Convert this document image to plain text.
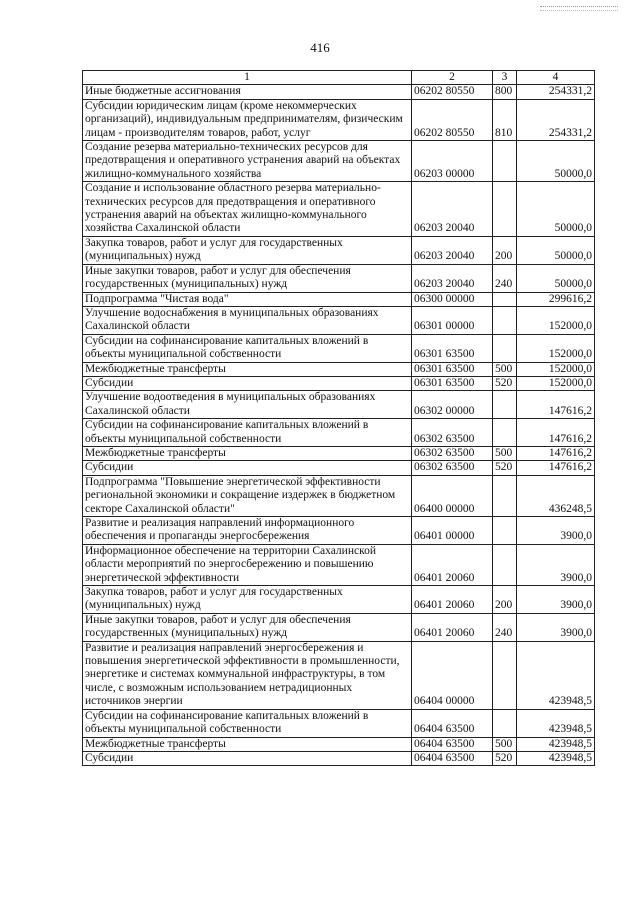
416
1	2	3	4
Иные бюджетные ассигнования	06202 80550	800	254331,2
Субсидии юридическим лицам (кроме некоммерческих организаций), индивидуальным предпринимателям, физическим лицам - производителям товаров, работ, услуг	06202 80550	810	254331,2
Создание резерва материально-технических ресурсов для предотвращения и оперативного устранения аварий на объектах жилищно-коммунального хозяйства	06203 00000		50000,0
Создание и использование областного резерва материально-технических ресурсов для предотвращения и оперативного устранения аварий на объектах жилищно-коммунального хозяйства Сахалинской области	06203 20040		50000,0
Закупка товаров, работ и услуг для государственных (муниципальных) нужд	06203 20040	200	50000,0
Иные закупки товаров, работ и услуг для обеспечения государственных (муниципальных) нужд	06203 20040	240	50000,0
Подпрограмма "Чистая вода"	06300 00000		299616,2
Улучшение водоснабжения в муниципальных образованиях Сахалинской области	06301 00000		152000,0
Субсидии на софинансирование капитальных вложений в объекты муниципальной собственности	06301 63500		152000,0
Межбюджетные трансферты	06301 63500	500	152000,0
Субсидии	06301 63500	520	152000,0
Улучшение водоотведения в муниципальных образованиях Сахалинской области	06302 00000		147616,2
Субсидии на софинансирование капитальных вложений в объекты муниципальной собственности	06302 63500		147616,2
Межбюджетные трансферты	06302 63500	500	147616,2
Субсидии	06302 63500	520	147616,2
Подпрограмма "Повышение энергетической эффективности региональной экономики и сокращение издержек в бюджетном секторе Сахалинской области"	06400 00000		436248,5
Развитие и реализация направлений информационного обеспечения и пропаганды энергосбережения	06401 00000		3900,0
Информационное обеспечение на территории Сахалинской области мероприятий по энергосбережению и повышению энергетической эффективности	06401 20060		3900,0
Закупка товаров, работ и услуг для государственных (муниципальных) нужд	06401 20060	200	3900,0
Иные закупки товаров, работ и услуг для обеспечения государственных (муниципальных) нужд	06401 20060	240	3900,0
Развитие и реализация направлений энергосбережения и повышения энергетической эффективности в промышленности, энергетике и системах коммунальной инфраструктуры, в том числе, с возможным использованием нетрадиционных источников энергии	06404 00000		423948,5
Субсидии на софинансирование капитальных вложений в объекты муниципальной собственности	06404 63500		423948,5
Межбюджетные трансферты	06404 63500	500	423948,5
Субсидии	06404 63500	520	423948,5
